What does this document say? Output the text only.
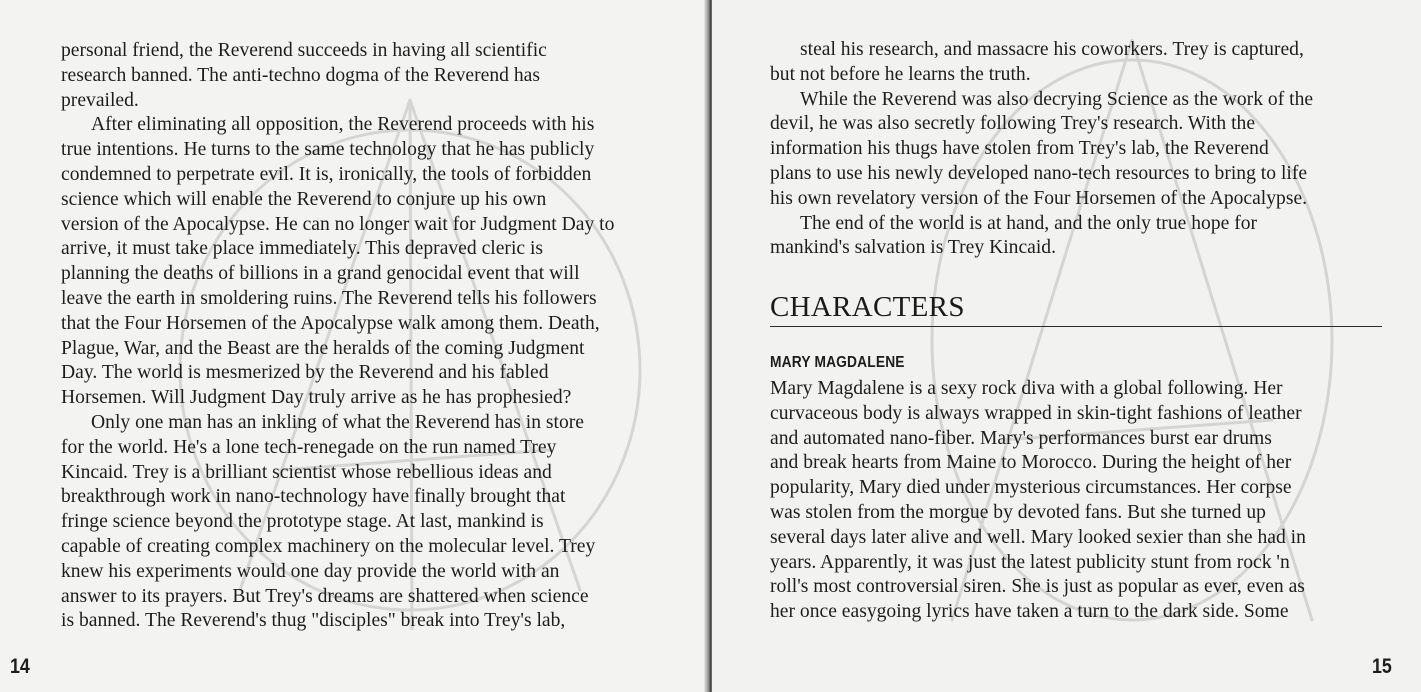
personal friend, the Reverend succeeds in having all scientific
research banned. The anti-techno dogma of the Reverend has
prevailed.

After eliminating all opposition, the Reverend proceeds with his

true intentions. He turns to the same technology that he has publicly
condemned to perpetrate evil. It is, ironically, the tools of forbidden
science which will enable the Reverend to conjure up his own
version of the Apocalypse. He can no longer wait for Judgment Day to
arrive, it must take place immediately. This depraved cleric is
planning the deaths of billions in a grand genocidal event that will
leave the earth in smoldering ruins. The Reverend tells his followers
that the Four Horsemen of the Apocalypse walk among them. Death,
Plague, War, and the Beast are the heralds of the coming Judgment
Day. The world is mesmerized by the Reverend and his fabled
Horsemen. Will Judgment Day truly arrive as he has prophesied?

Only one man has an inkling of what the Reverend has in store

for the world. He's a lone tech-renegade on the run named Trey
Kincaid. Trey is a brilliant scientist whose rebellious ideas and
breakthrough work in nano-technology have finally brought that
fringe science beyond the prototype stage. At last, mankind is
capable of creating complex machinery on the molecular level. Trey
knew his experiments would one day provide the world with an
answer to its prayers. But Trey's dreams are shattered when science
is banned. The Reverend's thug "disciples" break into Trey's lab,

14

steal his research, and massacre his coworkers. Trey is captured,

but not before he learns the truth.

While the Reverend was also decrying Science as the work of the

devil, he was also secretly following Trey's research. With the
information his thugs have stolen from Trey's lab, the Reverend
plans to use his newly developed nano-tech resources to bring to life
his own revelatory version of the Four Horsemen of the Apocalypse.

The end of the world is at hand, and the only true hope for

mankind's salvation is Trey Kincaid.

CHARACTERS
MARY MAGDALENE
Mary Magdalene is a sexy rock diva with a global following. Her
curvaceous body is always wrapped in skin-tight fashions of leather
and automated nano-fiber. Mary's performances burst ear drums
and break hearts from Maine to Morocco. During the height of her
popularity, Mary died under mysterious circumstances. Her corpse
was stolen from the morgue by devoted fans. But she turned up
several days later alive and well. Mary looked sexier than she had in
years. Apparently, it was just the latest publicity stunt from rock 'n
roll's most controversial siren. She is just as popular as ever, even as
her once easygoing lyrics have taken a turn to the dark side. Some
15
